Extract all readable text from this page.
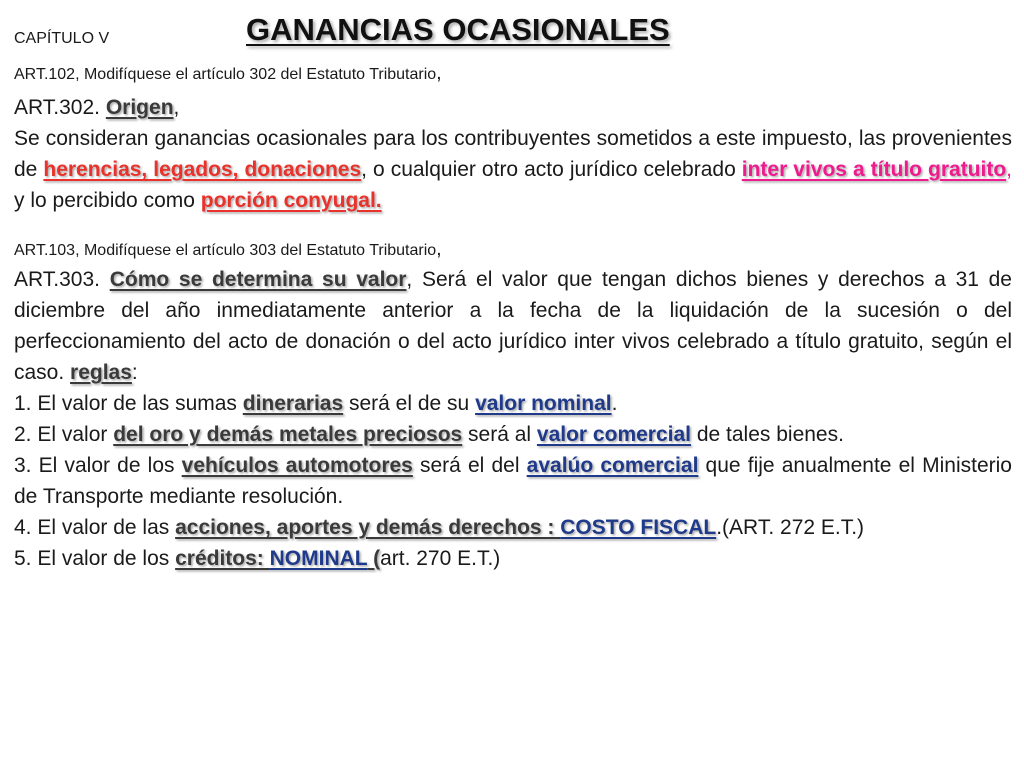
CAPÍTULO V	GANANCIAS OCASIONALES
ART.102, Modifíquese el artículo 302 del Estatuto Tributario,

ART.302. Origen,

Se consideran ganancias ocasionales para los contribuyentes sometidos a este impuesto, las provenientes de herencias, legados, donaciones, o cualquier otro acto jurídico celebrado inter vivos a título gratuito, y lo percibido como porción conyugal.

ART.103, Modifíquese el artículo 303 del Estatuto Tributario,

ART.303. Cómo se determina su valor, Será el valor que tengan dichos bienes y derechos a 31 de diciembre del año inmediatamente anterior a la fecha de la liquidación de la sucesión o del perfeccionamiento del acto de donación o del acto jurídico inter vivos celebrado a título gratuito, según el caso. reglas:

1. El valor de las sumas dinerarias será el de su valor nominal.

2. El valor del oro y demás metales preciosos será al valor comercial de tales bienes.

3. El valor de los vehículos automotores será el del avalúo comercial que fije anualmente el Ministerio de Transporte mediante resolución.

4. El valor de las acciones, aportes y demás derechos : COSTO FISCAL.(ART. 272 E.T.)

5. El valor de los créditos: NOMINAL (art. 270 E.T.)
